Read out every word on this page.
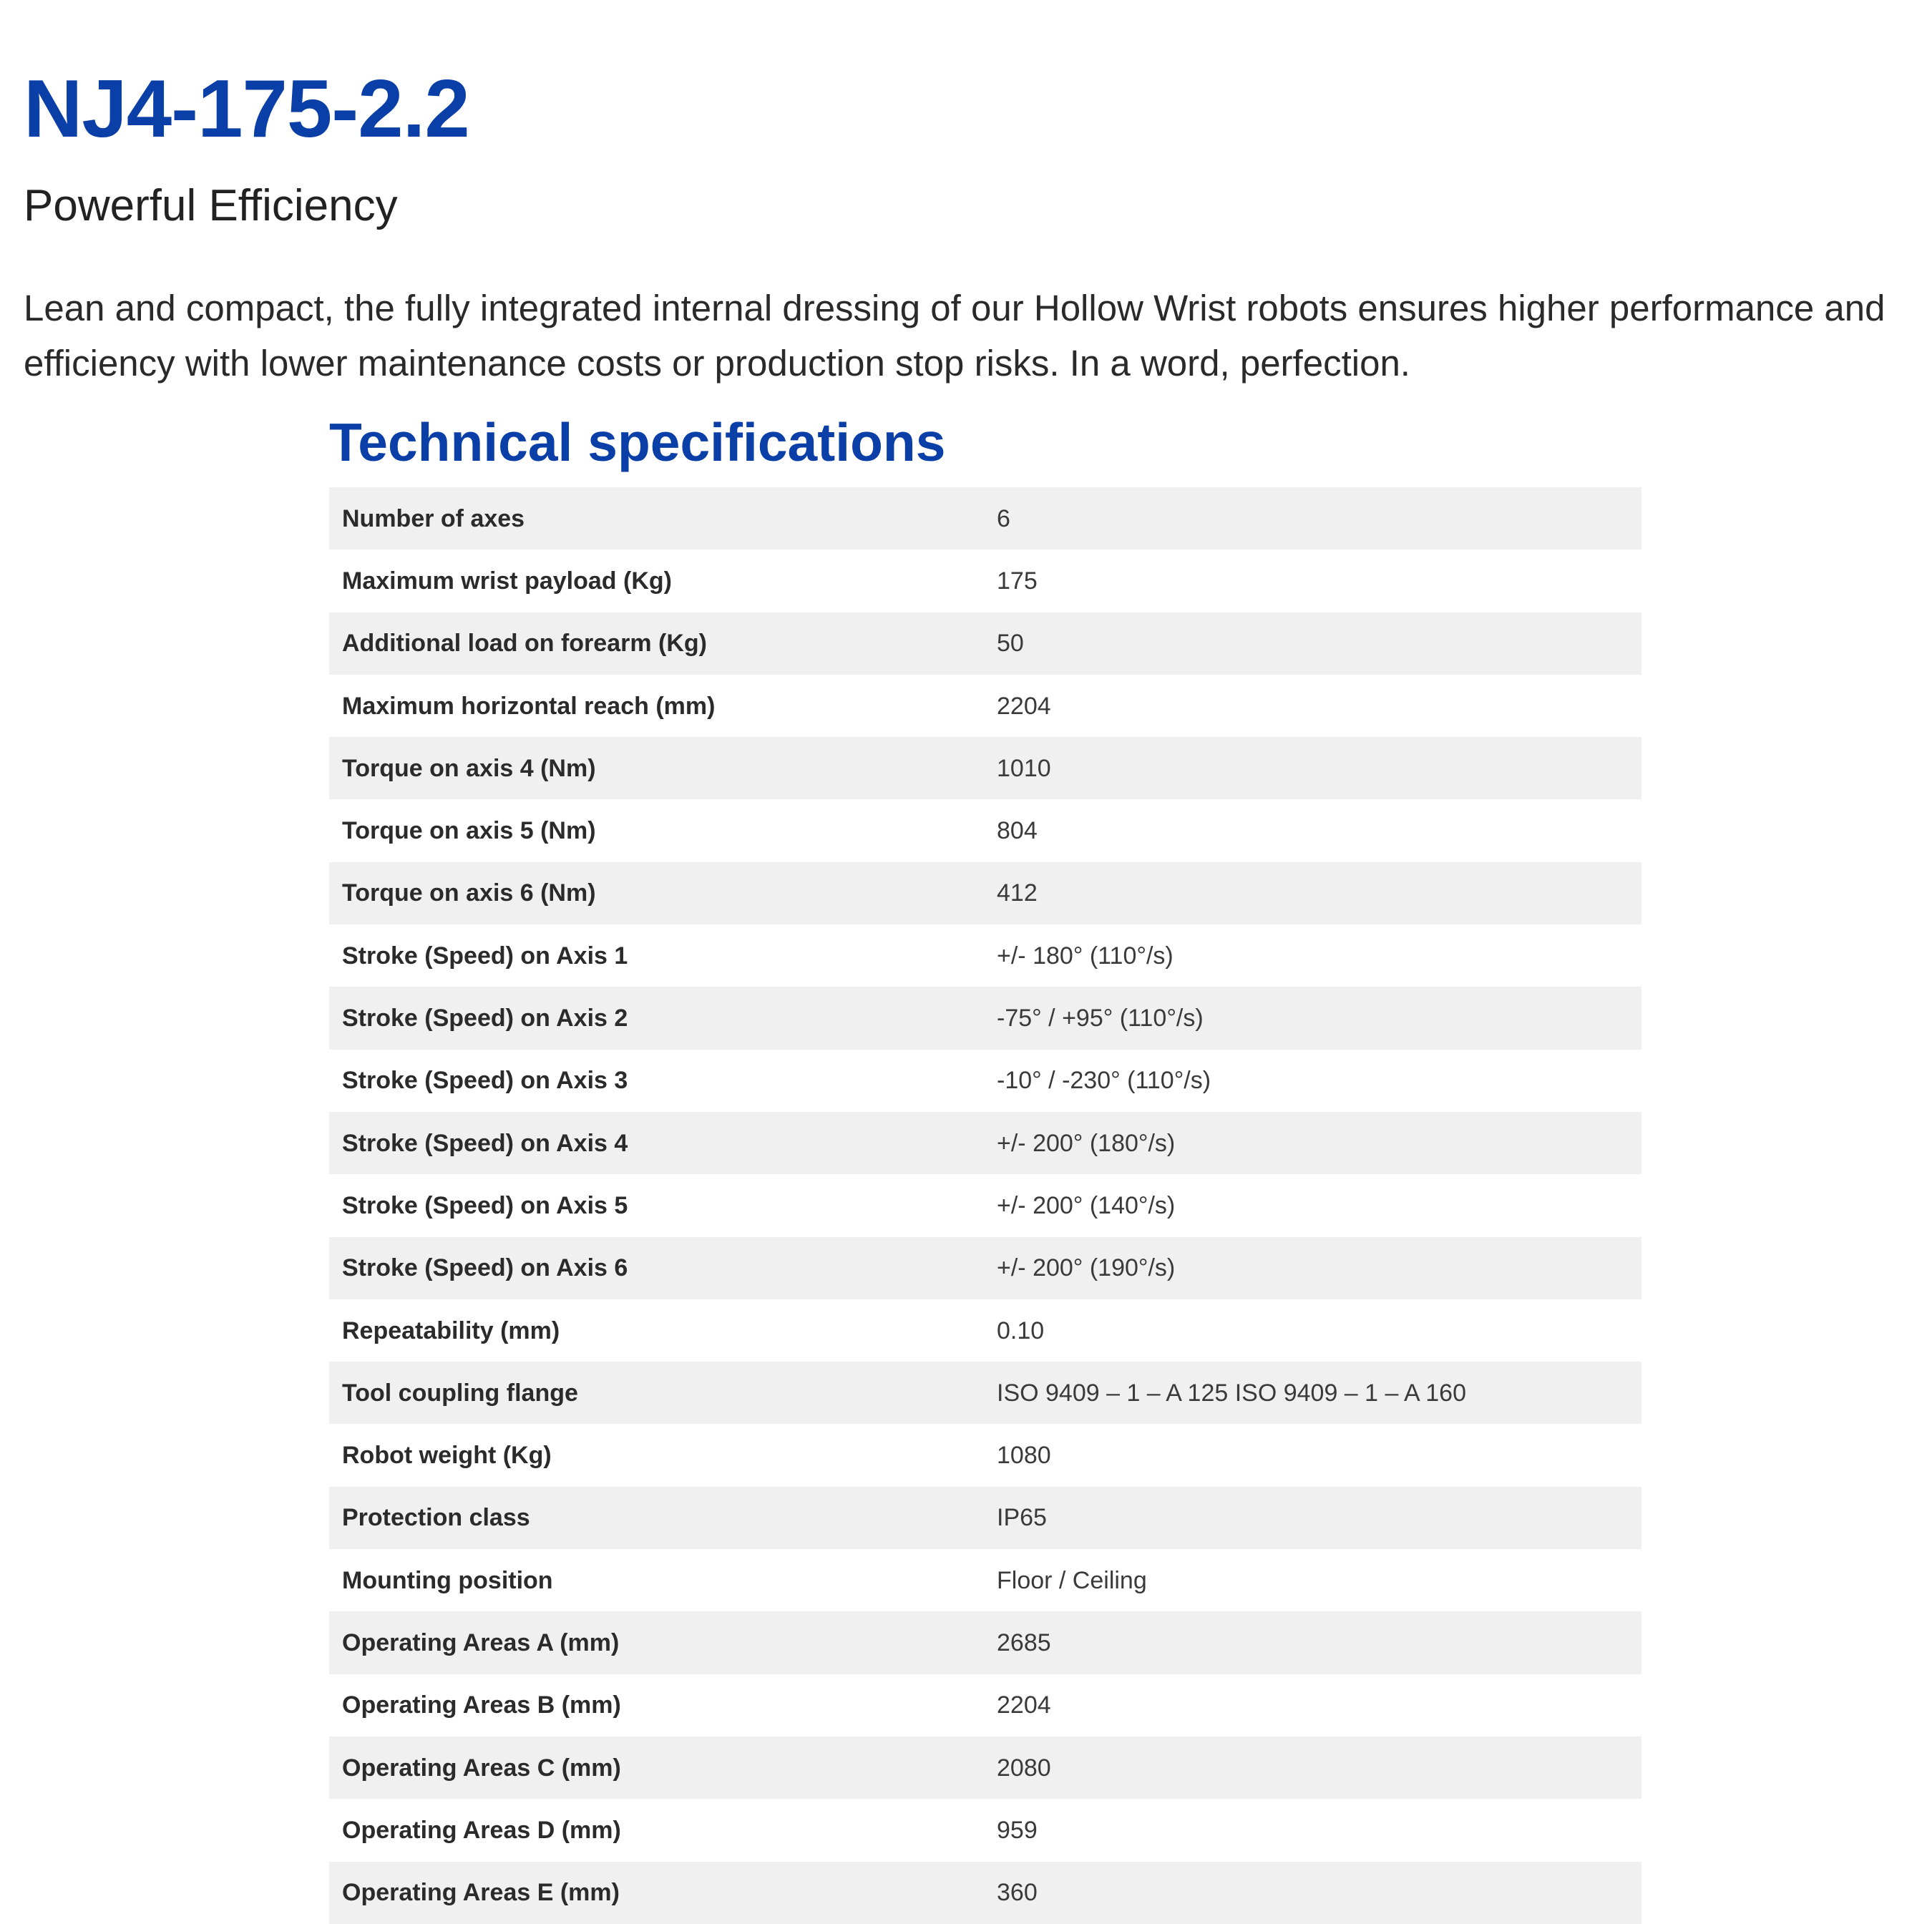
NJ4-175-2.2
Powerful Efficiency

Lean and compact, the fully integrated internal dressing of our Hollow Wrist robots ensures higher performance and efficiency with lower maintenance costs or production stop risks. In a word, perfection.

Technical specifications
Number of axes	6
Maximum wrist payload (Kg)	175
Additional load on forearm (Kg)	50
Maximum horizontal reach (mm)	2204
Torque on axis 4 (Nm)	1010
Torque on axis 5 (Nm)	804
Torque on axis 6 (Nm)	412
Stroke (Speed) on Axis 1	+/- 180° (110°/s)
Stroke (Speed) on Axis 2	-75° / +95° (110°/s)
Stroke (Speed) on Axis 3	-10° / -230° (110°/s)
Stroke (Speed) on Axis 4	+/- 200° (180°/s)
Stroke (Speed) on Axis 5	+/- 200° (140°/s)
Stroke (Speed) on Axis 6	+/- 200° (190°/s)
Repeatability (mm)	0.10
Tool coupling flange	ISO 9409 – 1 – A 125 ISO 9409 – 1 – A 160
Robot weight (Kg)	1080
Protection class	IP65
Mounting position	Floor / Ceiling
Operating Areas A (mm)	2685
Operating Areas B (mm)	2204
Operating Areas C (mm)	2080
Operating Areas D (mm)	959
Operating Areas E (mm)	360
